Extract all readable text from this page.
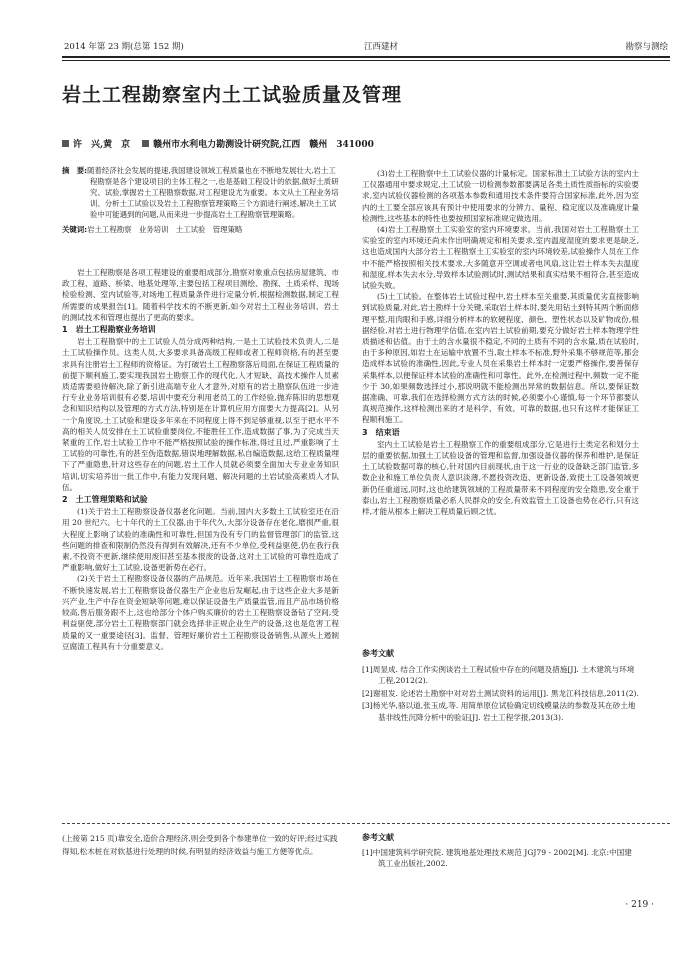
2014 年第 23 期(总第 152 期)	江西建材	勘察与测绘
岩土工程勘察室内土工试验质量及管理
许　兴,黄　京	赣州市水利电力勘测设计研究院,江西　赣州　341000
摘　要:随着经济社会发展的提速,我国建设领域工程质量也在不断地发展壮大,岩土工程勘察是各个建设项目的主体工程之一,也是基础工程设计的依据,做好土质研究、试验,掌握岩土工程勘察数据,对工程建设尤为重要。本文从土工程业务培训、分析土工试验以及岩土工程勘察管理策略三个方面进行阐述,解决土工试验中可能遇到的问题,从而来进一步提高岩土工程勘察管理策略。
关键词:岩土工程勘察　业务培训　土工试验　管理策略

岩土工程勘察是各项工程建设的重要组成部分,勘察对象重点包括房屋建筑、市政工程、道路、桥梁、地基处理等,主要包括工程项目测绘、勘探、土质采样、现场检验检测、室内试验等,对场地工程质量条件进行定量分析,根据检测数据,制定工程所需要的成果报告[1]。随着科学技术的不断更新,如今对岩土工程业务培训、岩土的测试技术和管理也提出了更高的要求。

1　岩土工程勘察业务培训

岩土工程勘察中的土工试验人员分成两种结构,一是土工试验技术负责人,二是土工试验操作员。这类人员,大多要求具备高级工程师或者工程师资格,有的甚至要求具有注册岩土工程师的资格证。为打破岩土工程勘察落后局面,在保证工程质量的前提下顺利施工,要实现我国岩土勘察工作的现代化,人才短缺、高技术操作人员素质适需要亟待解决,除了新引进高端专业人才意外,对原有的岩土勘察队伍进一步进行专业业务培训很有必要,培训中要充分利用老员工的工作经验,抛弃陈旧的思想观念和知识结构以及管理的方式方法,特别是在计算机应用方面要大力提高[2]。从另一个角度说,土工试验和建设多年来在不同程度上得不到足够重视,以至于把水平不高的相关人员安排在土工试验重要岗位,不能胜任工作,造成数据了事,为了完成当天紧重的工作,岩土试验工作中不能严格按照试验的操作标准,得过且过,严重影响了土工试验的可靠性,有的甚至伪造数据,错误地理解数据,私自编造数据,这给工程质量埋下了严重隐患,针对这些存在的问题,岩土工作人员就必须要全面加大专业业务知识培训,切实培养出一批工作中,有能力发现问题、解决问题的土岩试验高素质人才队伍。

2　土工管理策略和试验

(1)关于岩土工程勘察设备仪器老化问题。当前,国内大多数土工试验室还在沿用 20 世纪六、七十年代的土工仪器,由于年代久,大部分设备存在老化,磨损严重,很大程度上影响了试验的准确性和可靠性,但国为没有专门的监督管理部门的监管,这些问题的排查和限制仍然没有得到有效解决,还有不少单位,受利益驱使,仍在我行我素,不投资不更新,继续使用废旧甚至基本报废的设备,这对土工试验的可靠性造成了严重影响,做好土工试验,设备更新势在必行。

(2)关于岩土工程勘察设备仪器的产品规范。近年来,我国岩土工程勘察市场在不断快速发展,岩土工程勘察设备仪器生产企业也后发崛起,由于这些企业大多是新兴产业,生产中存在资金短缺等问题,难以保证设备生产质量监管,而且产品市场价格较高,售后服务跟不上,这也给部分个体户购买廉价的岩土工程勘察设备钻了空间,受利益驱使,部分岩土工程勘察部门就会选择非正规企业生产的设备,这也是危害工程质量的又一重要途径[3]。监督、管理好廉价岩土工程勘察设备销售,从源头上遏制豆腐渣工程具有十分重要意义。

(3)岩土工程勘察中土工试验仪器的计量标定。国家标准土工试验方法的室内土工仪器通用中要求规定,土工试验一切检测参数都要满足各类土质性质指标的实验要求,室内试验仪器检测的各项基本参数和通用技术条件要符合国家标准,此外,因为室内的土工要全部应该具有预计中使用要求的分辨力、量程、稳定度以及准确度计量检测性,这些基本的特性也要按照国家标准规定做选用。

(4)岩土工程勘察土工实验室的室内环境要求。当前,我国对岩土工程勘察土工实验室的室内环境还尚未作出明确规定和相关要求,室内温度湿度的要求更是缺乏,这也造成国内大部分岩土工程勘察土工实验室的室内环境较差,试验操作人员在工作中不能严格按照相关技术要求,大多随意开空调或者电风扇,这让岩土样本失去温度和湿度,样本失去水分,导致样本试验测试时,测试结果和真实结果不相符合,甚至造成试验失败。

(5)土工试验。在整体岩土试验过程中,岩土样本至关重要,其质量优劣直接影响到试验质量,对此,岩土勘样十分关键,采取岩土样本时,要先用钻土到特其两个断面修理平整,用肉眼和手感,详细分析样本的软硬程度、颜色、塑性状态以及矿物成份,根据经验,对岩土进行物理学估值,在室内岩土试验前期,要充分做好岩土样本物理学性质描述和估值。由于土的含水量很不稳定,不同的土质有不同的含水量,质在试验时,由于多种原因,如岩土在运输中放置不当,取土样本不标准,野外采集不够规范等,都会造成样本试验的准确性,因此,专业人员在采集岩土样本时一定要严格操作,要善保存采集样本,以便保证样本试验的准确性和可靠性。此外,在检测过程中,频数一定不能少于 30,如果频数选择过小,那说明就不能检测出异常的数据信息。所以,要保证数据准确、可靠,我们在选择检测方式方法的时候,必须要小心谨慎,每一个环节都要认真规范操作,这样检测出来的才是科学、有效、可靠的数据,也只有这样才能保证工程顺利施工。

3　结束语

室内土工试验是岩土工程勘察工作的重要组成部分,它是进行土类定名和划分土层的重要依据,加强土工试验设备的管理和监督,加强设备仪器的保养和维护,是保证土工试验数据可靠的核心,针对国内目前现状,由于这一行业的设备缺乏部门监管,多数企业和施工单位负责人意识淡薄,不愿投资改造、更新设备,致使土工设备领域更新仍任重道远,同时,这也给建筑领域的工程质量带来不同程度的安全隐患,安全重于泰山,岩土工程勘察质量必系人民群众的安全,有效监管土工设备也势在必行,只有这样,才能从根本上解决工程质量后顾之忧。

参考文献
[1]周显成. 结合工作实例谈岩土工程试验中存在的问题及措施[J]. 土木建筑与环境工程,2012(2).
[2]谢祖发. 论述岩土勘察中对对岩土测试资料的运用[J]. 黑龙江科技信息,2011(2).
[3]杨光华,骆以道,张玉成,等. 用简单原位试验确定切线模量法的参数及其在砂土地基非线性沉降分析中的验证[J]. 岩土工程学报,2013(3).
(上接第 215 页)靠安全,造价合理经济,则会受到各个参建单位一致的好评;经过实践得知,松木桩在对软基进行处理的时候,有明显的经济效益与施工方便等优点。
参考文献
[1]中国建筑科学研究院. 建筑地基处理技术规范 JGJ79 - 2002[M]. 北京:中国建筑工业出版社,2002.
· 219 ·
